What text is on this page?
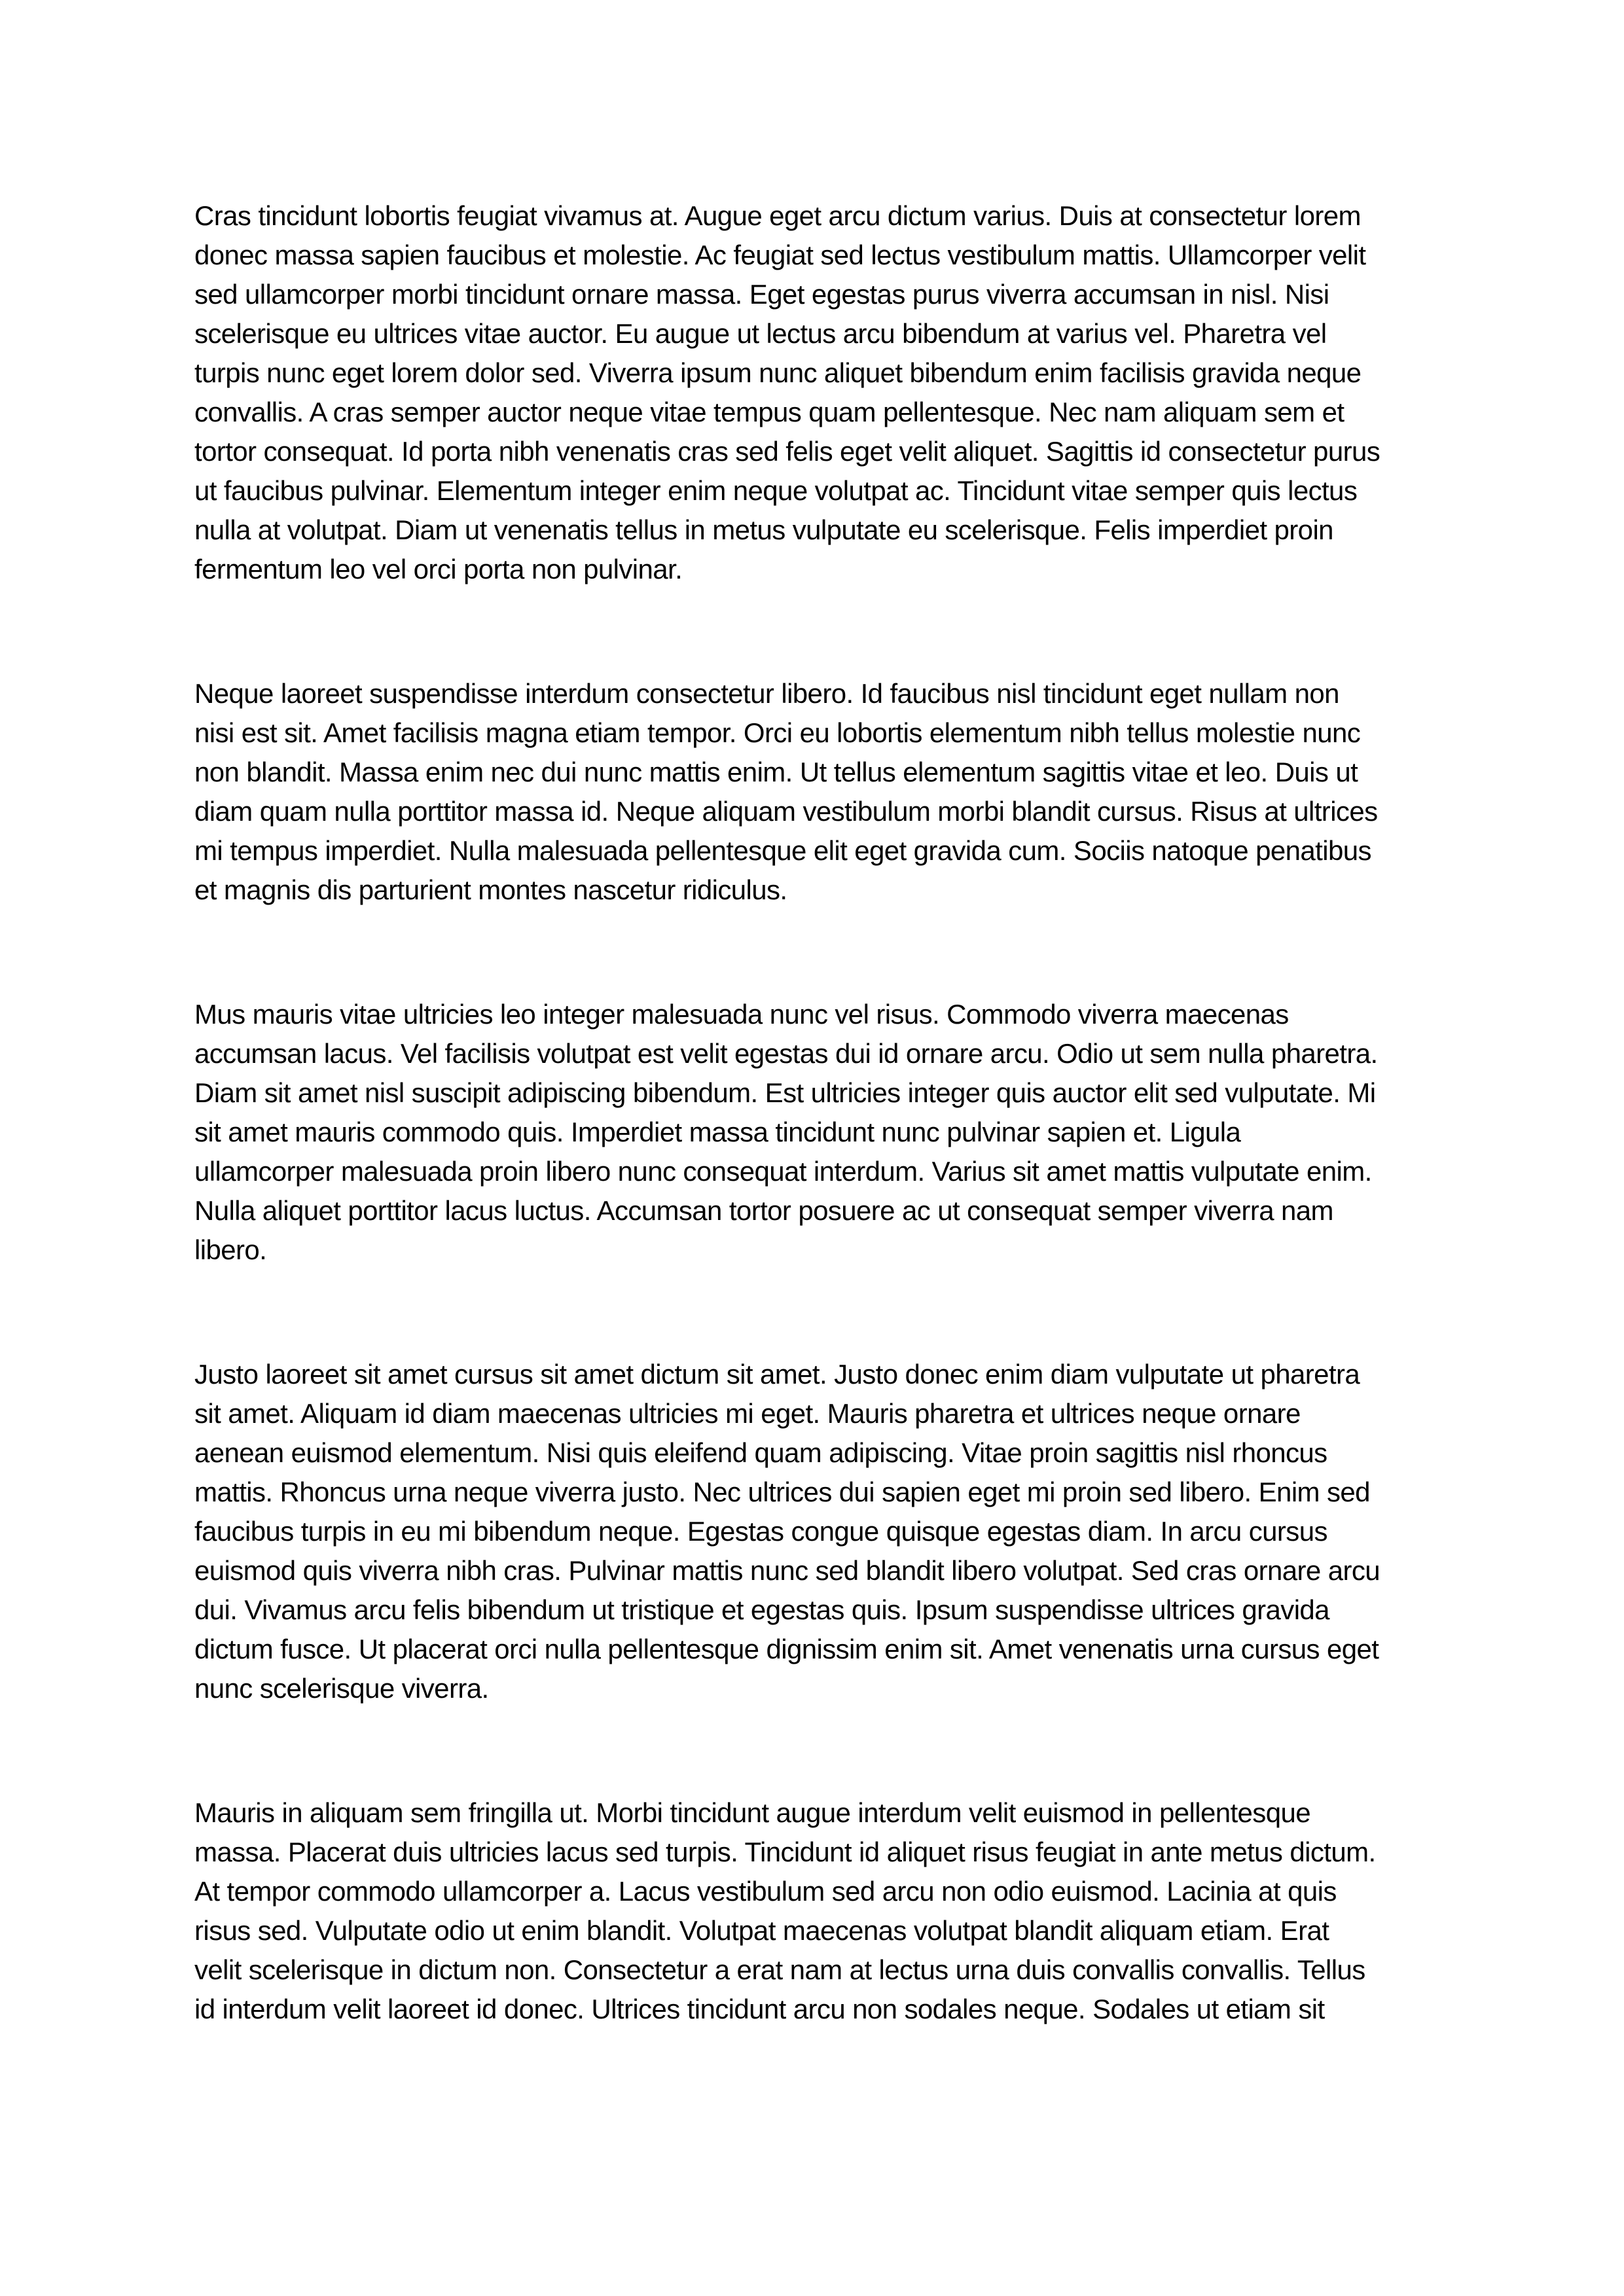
Cras tincidunt lobortis feugiat vivamus at. Augue eget arcu dictum varius. Duis at consectetur lorem
donec massa sapien faucibus et molestie. Ac feugiat sed lectus vestibulum mattis. Ullamcorper velit
sed ullamcorper morbi tincidunt ornare massa. Eget egestas purus viverra accumsan in nisl. Nisi
scelerisque eu ultrices vitae auctor. Eu augue ut lectus arcu bibendum at varius vel. Pharetra vel
turpis nunc eget lorem dolor sed. Viverra ipsum nunc aliquet bibendum enim facilisis gravida neque
convallis. A cras semper auctor neque vitae tempus quam pellentesque. Nec nam aliquam sem et
tortor consequat. Id porta nibh venenatis cras sed felis eget velit aliquet. Sagittis id consectetur purus
ut faucibus pulvinar. Elementum integer enim neque volutpat ac. Tincidunt vitae semper quis lectus
nulla at volutpat. Diam ut venenatis tellus in metus vulputate eu scelerisque. Felis imperdiet proin
fermentum leo vel orci porta non pulvinar.
Neque laoreet suspendisse interdum consectetur libero. Id faucibus nisl tincidunt eget nullam non
nisi est sit. Amet facilisis magna etiam tempor. Orci eu lobortis elementum nibh tellus molestie nunc
non blandit. Massa enim nec dui nunc mattis enim. Ut tellus elementum sagittis vitae et leo. Duis ut
diam quam nulla porttitor massa id. Neque aliquam vestibulum morbi blandit cursus. Risus at ultrices
mi tempus imperdiet. Nulla malesuada pellentesque elit eget gravida cum. Sociis natoque penatibus
et magnis dis parturient montes nascetur ridiculus.
Mus mauris vitae ultricies leo integer malesuada nunc vel risus. Commodo viverra maecenas
accumsan lacus. Vel facilisis volutpat est velit egestas dui id ornare arcu. Odio ut sem nulla pharetra.
Diam sit amet nisl suscipit adipiscing bibendum. Est ultricies integer quis auctor elit sed vulputate. Mi
sit amet mauris commodo quis. Imperdiet massa tincidunt nunc pulvinar sapien et. Ligula
ullamcorper malesuada proin libero nunc consequat interdum. Varius sit amet mattis vulputate enim.
Nulla aliquet porttitor lacus luctus. Accumsan tortor posuere ac ut consequat semper viverra nam
libero.
Justo laoreet sit amet cursus sit amet dictum sit amet. Justo donec enim diam vulputate ut pharetra
sit amet. Aliquam id diam maecenas ultricies mi eget. Mauris pharetra et ultrices neque ornare
aenean euismod elementum. Nisi quis eleifend quam adipiscing. Vitae proin sagittis nisl rhoncus
mattis. Rhoncus urna neque viverra justo. Nec ultrices dui sapien eget mi proin sed libero. Enim sed
faucibus turpis in eu mi bibendum neque. Egestas congue quisque egestas diam. In arcu cursus
euismod quis viverra nibh cras. Pulvinar mattis nunc sed blandit libero volutpat. Sed cras ornare arcu
dui. Vivamus arcu felis bibendum ut tristique et egestas quis. Ipsum suspendisse ultrices gravida
dictum fusce. Ut placerat orci nulla pellentesque dignissim enim sit. Amet venenatis urna cursus eget
nunc scelerisque viverra.
Mauris in aliquam sem fringilla ut. Morbi tincidunt augue interdum velit euismod in pellentesque
massa. Placerat duis ultricies lacus sed turpis. Tincidunt id aliquet risus feugiat in ante metus dictum.
At tempor commodo ullamcorper a. Lacus vestibulum sed arcu non odio euismod. Lacinia at quis
risus sed. Vulputate odio ut enim blandit. Volutpat maecenas volutpat blandit aliquam etiam. Erat
velit scelerisque in dictum non. Consectetur a erat nam at lectus urna duis convallis convallis. Tellus
id interdum velit laoreet id donec. Ultrices tincidunt arcu non sodales neque. Sodales ut etiam sit
